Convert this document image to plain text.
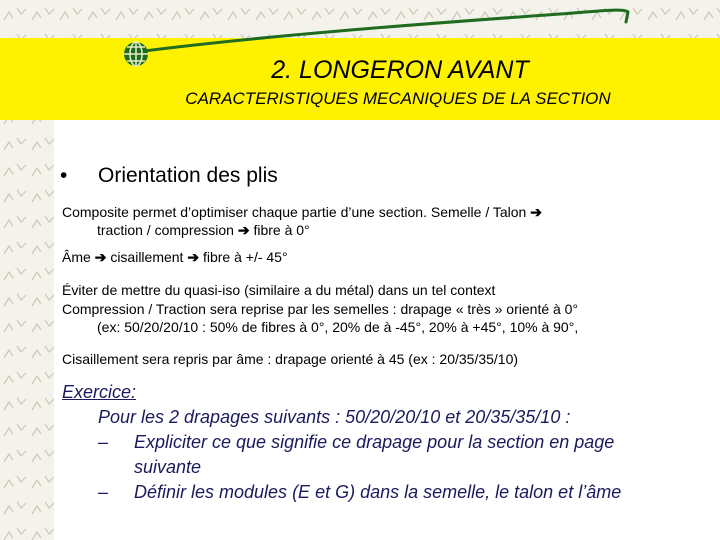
2. LONGERON AVANT
CARACTERISTIQUES MECANIQUES DE LA SECTION
• Orientation des plis
Composite permet d’optimiser chaque partie d’une section. Semelle / Talon ➔
traction / compression ➔ fibre à 0°
Âme ➔ cisaillement ➔ fibre à +/- 45°
Éviter de mettre du quasi-iso (similaire a du métal) dans un tel context
Compression / Traction sera reprise par les semelles : drapage « très » orienté à 0°
(ex: 50/20/20/10 : 50% de fibres à 0°, 20% de à -45°, 20% à +45°, 10% à 90°,
Cisaillement sera repris par âme : drapage orienté à 45 (ex : 20/35/35/10)
Exercice:
Pour les 2 drapages suivants : 50/20/20/10 et 20/35/35/10 :
–	Expliciter ce que signifie ce drapage pour la section en page suivante
–	Définir les modules (E et G) dans la semelle, le talon et l’âme
